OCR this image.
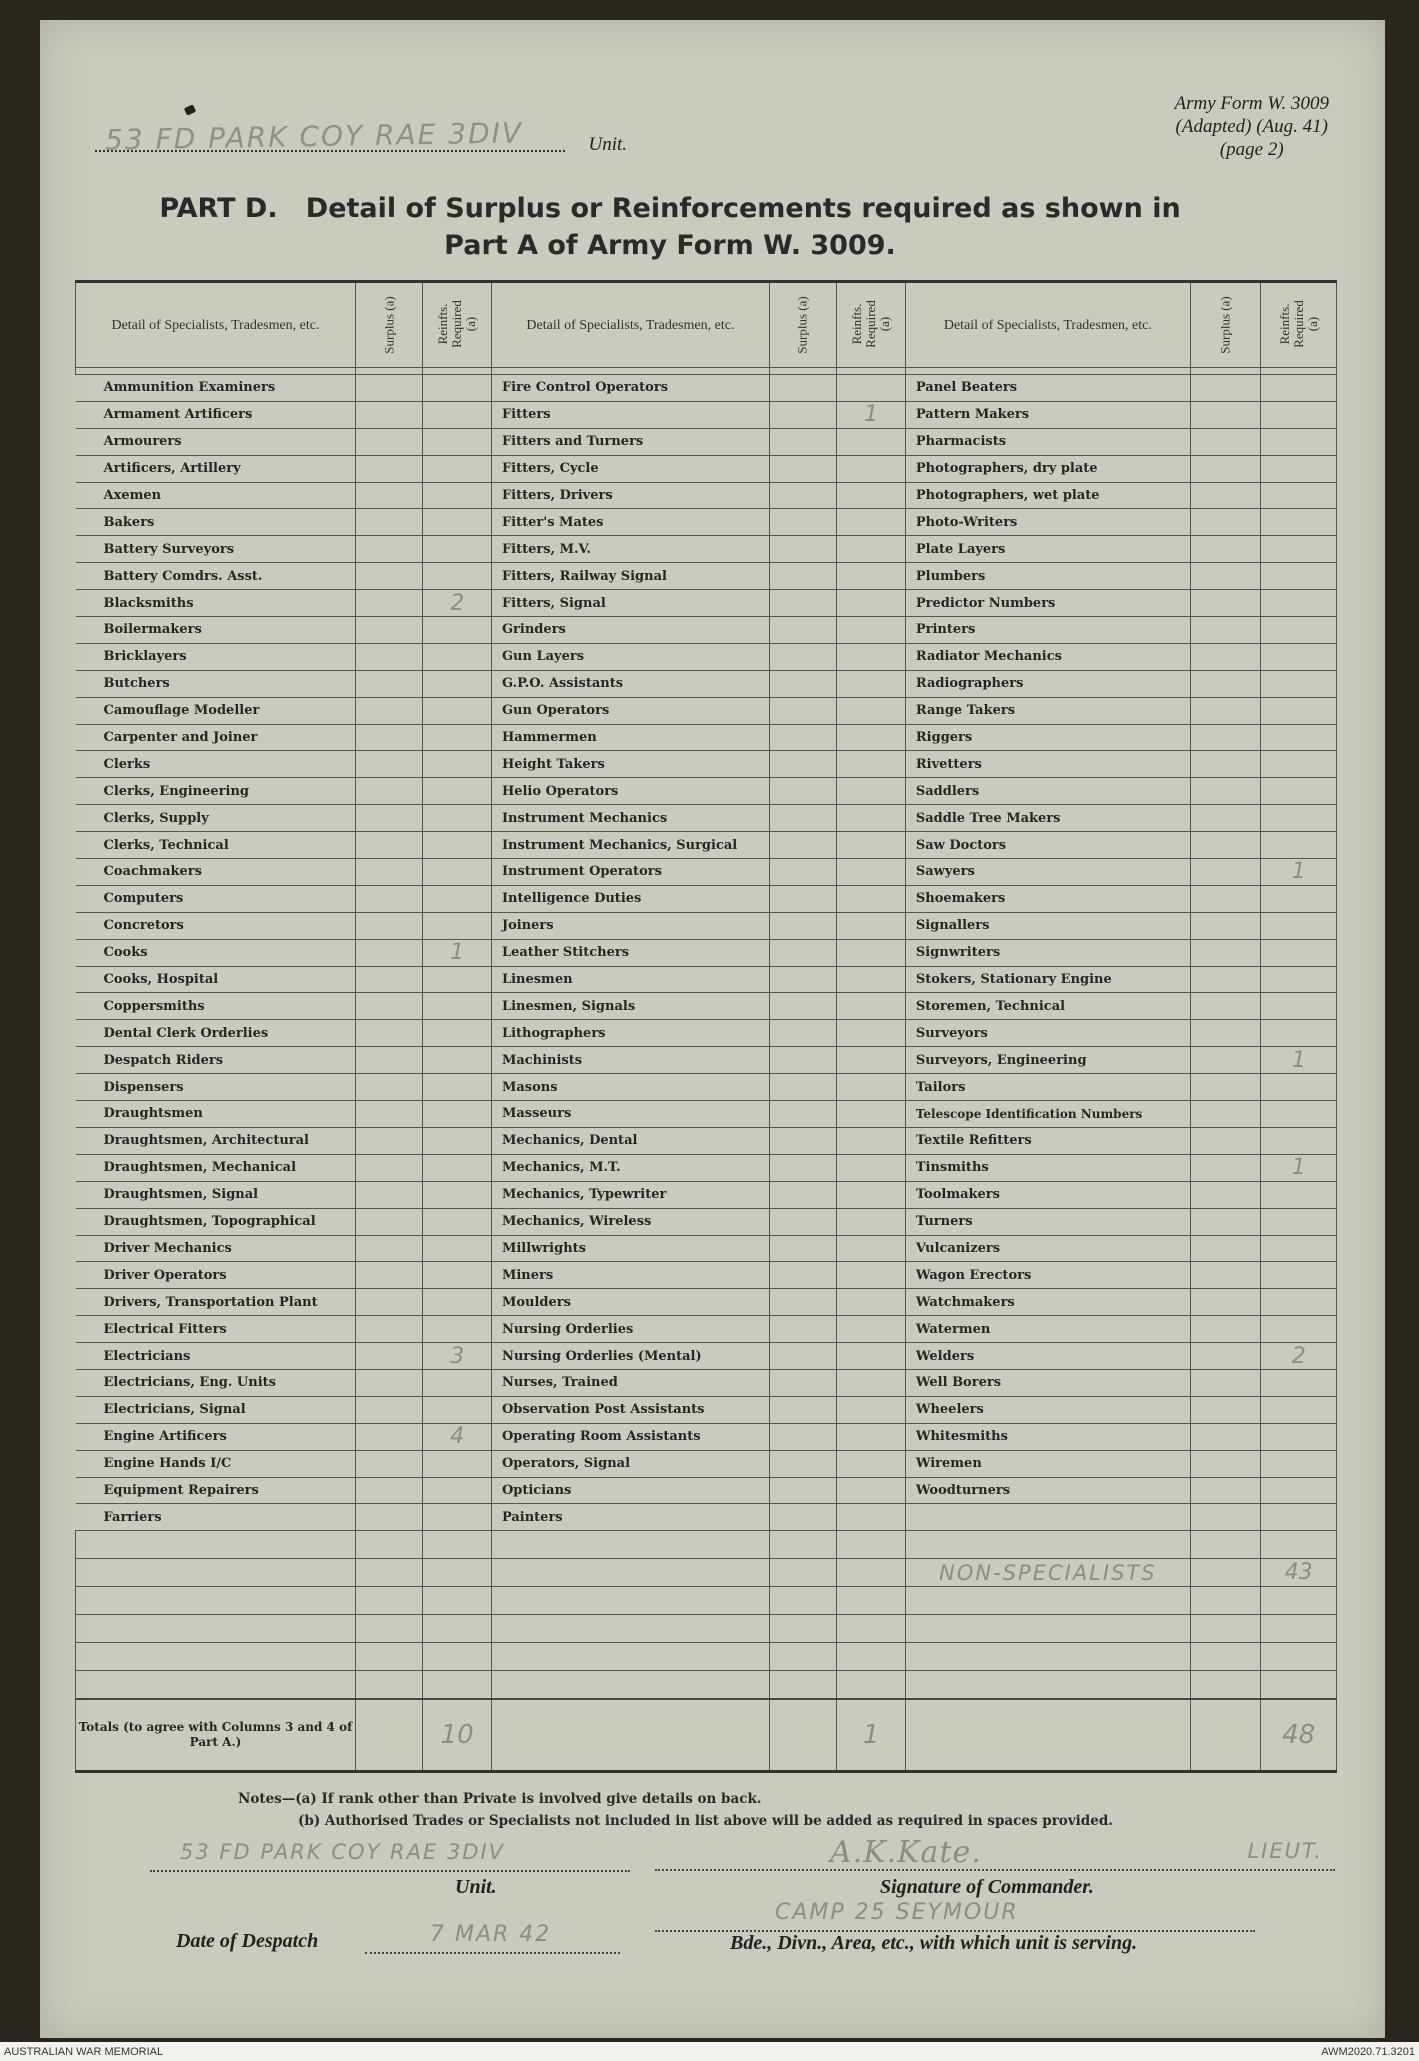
Army Form W. 3009
(Adapted) (Aug. 41)
(page 2)
53 FD PARK COY RAE 3DIV	Unit.
PART D.   Detail of Surplus or Reinforcements required as shown in
Part A of Army Form W. 3009.
Detail of Specialists, Tradesmen, etc.	Surplus (a)	Reinfts. Required (a)	Detail of Specialists, Tradesmen, etc.	Surplus (a)	Reinfts. Required (a)	Detail of Specialists, Tradesmen, etc.	Surplus (a)	Reinfts. Required (a)

Ammunition Examiners			Fire Control Operators			Panel Beaters		
Armament Artificers			Fitters		1	Pattern Makers		
Armourers			Fitters and Turners			Pharmacists		
Artificers, Artillery			Fitters, Cycle			Photographers, dry plate		
Axemen			Fitters, Drivers			Photographers, wet plate		
Bakers			Fitter's Mates			Photo-Writers		
Battery Surveyors			Fitters, M.V.			Plate Layers		
Battery Comdrs. Asst.			Fitters, Railway Signal			Plumbers		
Blacksmiths		2	Fitters, Signal			Predictor Numbers		
Boilermakers			Grinders			Printers		
Bricklayers			Gun Layers			Radiator Mechanics		
Butchers			G.P.O. Assistants			Radiographers		
Camouflage Modeller			Gun Operators			Range Takers		
Carpenter and Joiner			Hammermen			Riggers		
Clerks			Height Takers			Rivetters		
Clerks, Engineering			Helio Operators			Saddlers		
Clerks, Supply			Instrument Mechanics			Saddle Tree Makers		
Clerks, Technical			Instrument Mechanics, Surgical			Saw Doctors		
Coachmakers			Instrument Operators			Sawyers		1
Computers			Intelligence Duties			Shoemakers		
Concretors			Joiners			Signallers		
Cooks		1	Leather Stitchers			Signwriters		
Cooks, Hospital			Linesmen			Stokers, Stationary Engine		
Coppersmiths			Linesmen, Signals			Storemen, Technical		
Dental Clerk Orderlies			Lithographers			Surveyors		
Despatch Riders			Machinists			Surveyors, Engineering		1
Dispensers			Masons			Tailors		
Draughtsmen			Masseurs			Telescope Identification Numbers		
Draughtsmen, Architectural			Mechanics, Dental			Textile Refitters		
Draughtsmen, Mechanical			Mechanics, M.T.			Tinsmiths		1
Draughtsmen, Signal			Mechanics, Typewriter			Toolmakers		
Draughtsmen, Topographical			Mechanics, Wireless			Turners		
Driver Mechanics			Millwrights			Vulcanizers		
Driver Operators			Miners			Wagon Erectors		
Drivers, Transportation Plant			Moulders			Watchmakers		
Electrical Fitters			Nursing Orderlies			Watermen		
Electricians		3	Nursing Orderlies (Mental)			Welders		2
Electricians, Eng. Units			Nurses, Trained			Well Borers		
Electricians, Signal			Observation Post Assistants			Wheelers		
Engine Artificers		4	Operating Room Assistants			Whitesmiths		
Engine Hands I/C			Operators, Signal			Wiremen		
Equipment Repairers			Opticians			Woodturners		
Farriers			Painters					

						NON-SPECIALISTS		43

Totals (to agree with Columns 3 and 4 of Part A.)		10			1			48
Notes—(a) If rank other than Private is involved give details on back.
(b) Authorised Trades or Specialists not included in list above will be added as required in spaces provided.
53 FD PARK COY RAE 3DIV
Unit.
A.K.Kate.	LIEUT.
Signature of Commander.
Date of Despatch	7 MAR 42
CAMP 25 SEYMOUR
Bde., Divn., Area, etc., with which unit is serving.
AUSTRALIAN WAR MEMORIAL	AWM2020.71.3201
